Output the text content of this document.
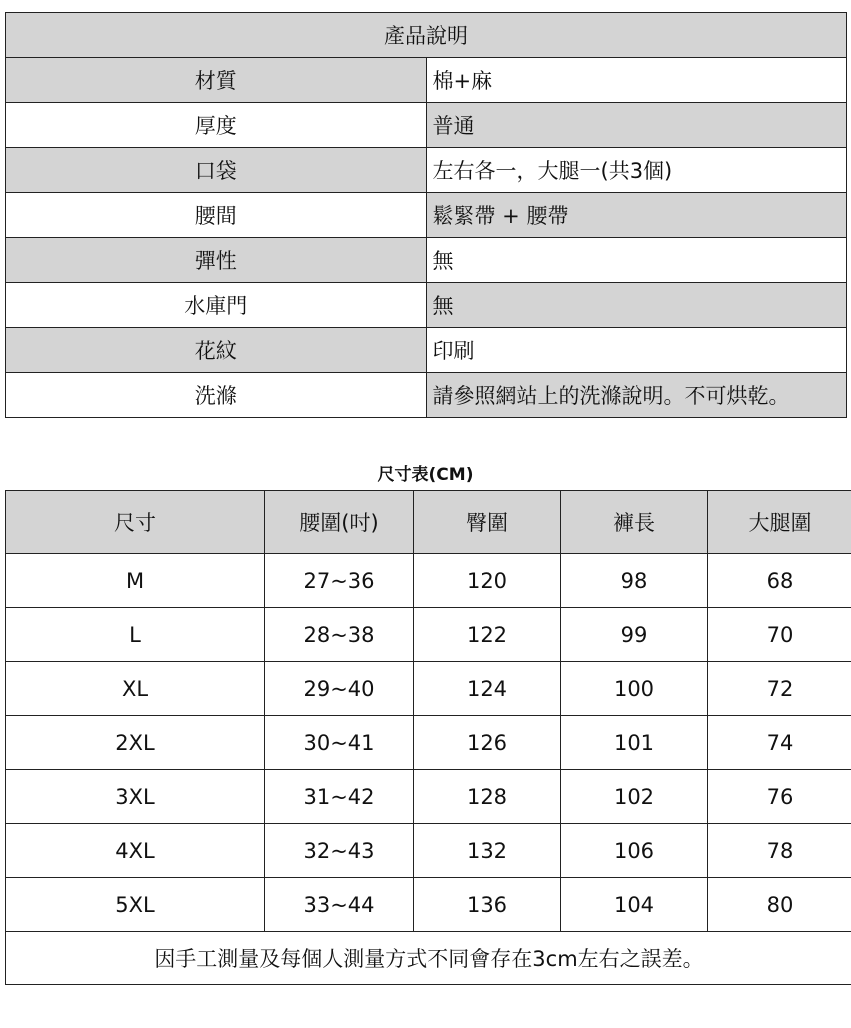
產品說明	
材質	棉+麻
厚度	普通
口袋	左右各一，大腿一(共3個)
腰間	鬆緊帶 + 腰帶
彈性	無
水庫門	無
花紋	印刷
洗滌	請參照網站上的洗滌說明。不可烘乾。
尺寸表(CM)
尺寸	腰圍(吋)	臀圍	褲長	大腿圍
M	27~36	120	98	68
L	28~38	122	99	70
XL	29~40	124	100	72
2XL	30~41	126	101	74
3XL	31~42	128	102	76
4XL	32~43	132	106	78
5XL	33~44	136	104	80
因手工測量及每個人測量方式不同會存在3cm左右之誤差。				
